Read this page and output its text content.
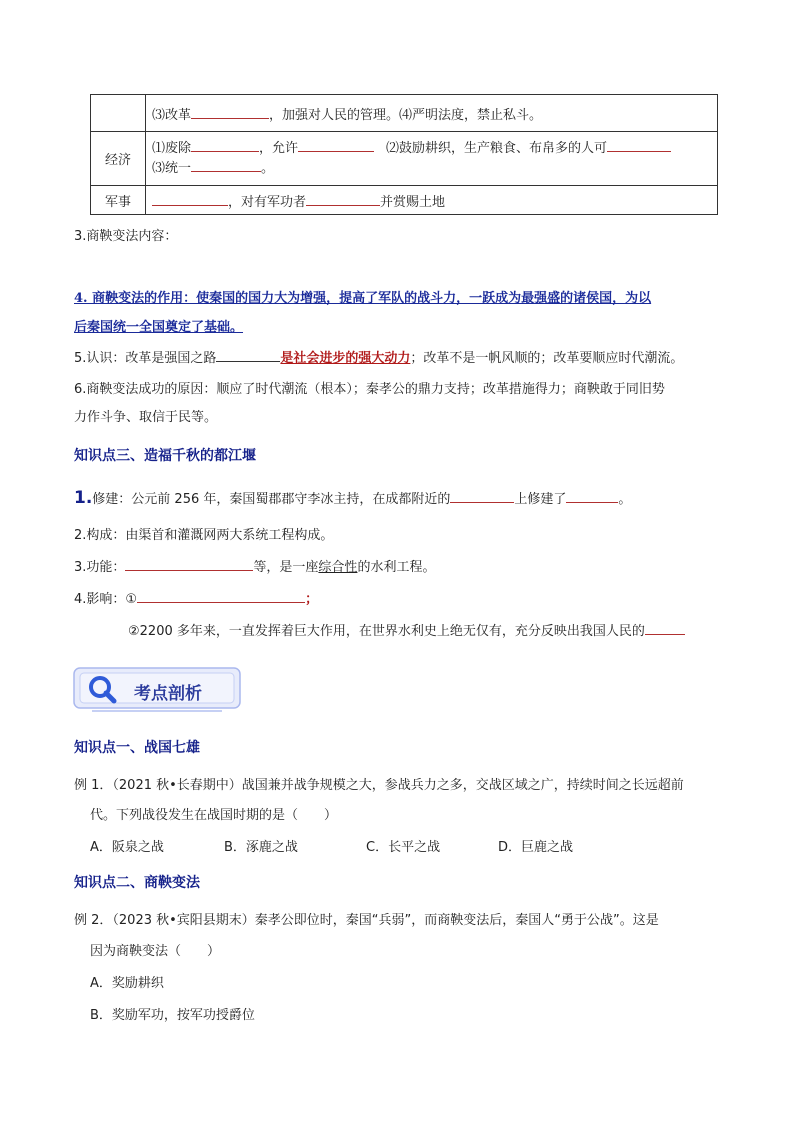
	⑶改革 ，加强对人民的管理。⑷严明法度，禁止私斗。
经济	⑴废除 ，允许 ⑵鼓励耕织，生产粮食、布帛多的人可
⑶统一 。

军事	，对有军功者 并赏赐土地
3.商鞅变法内容：
4. 商鞅变法的作用：使秦国的国力大为增强，提高了军队的战斗力，一跃成为最强盛的诸侯国，为以
后秦国统一全国奠定了基础。
5.认识：改革是强国之路	是社会进步的强大动力；改革不是一帆风顺的；改革要顺应时代潮流。
6.商鞅变法成功的原因：顺应了时代潮流（根本）；秦孝公的鼎力支持；改革措施得力；商鞅敢于同旧势
力作斗争、取信于民等。
知识点三、造福千秋的都江堰
1.修建：公元前 256 年，秦国蜀郡郡守李冰主持，在成都附近的	上修建了	。
2.构成：由渠首和灌溉网两大系统工程构成。
3.功能：	等，是一座综合性的水利工程。
4.影响：①	；
②2200 多年来，一直发挥着巨大作用，在世界水利史上绝无仅有，充分反映出我国人民的
考点剖析
知识点一、战国七雄
例 1．（2021 秋•长春期中）战国兼并战争规模之大，参战兵力之多，交战区域之广，持续时间之长远超前
代。下列战役发生在战国时期的是（　　）
A．阪泉之战	B．涿鹿之战	C．长平之战	D．巨鹿之战
知识点二、商鞅变法
例 2．（2023 秋•宾阳县期末）秦孝公即位时，秦国“兵弱”，而商鞅变法后，秦国人“勇于公战”。这是
因为商鞅变法（　　）
A．奖励耕织
B．奖励军功，按军功授爵位
